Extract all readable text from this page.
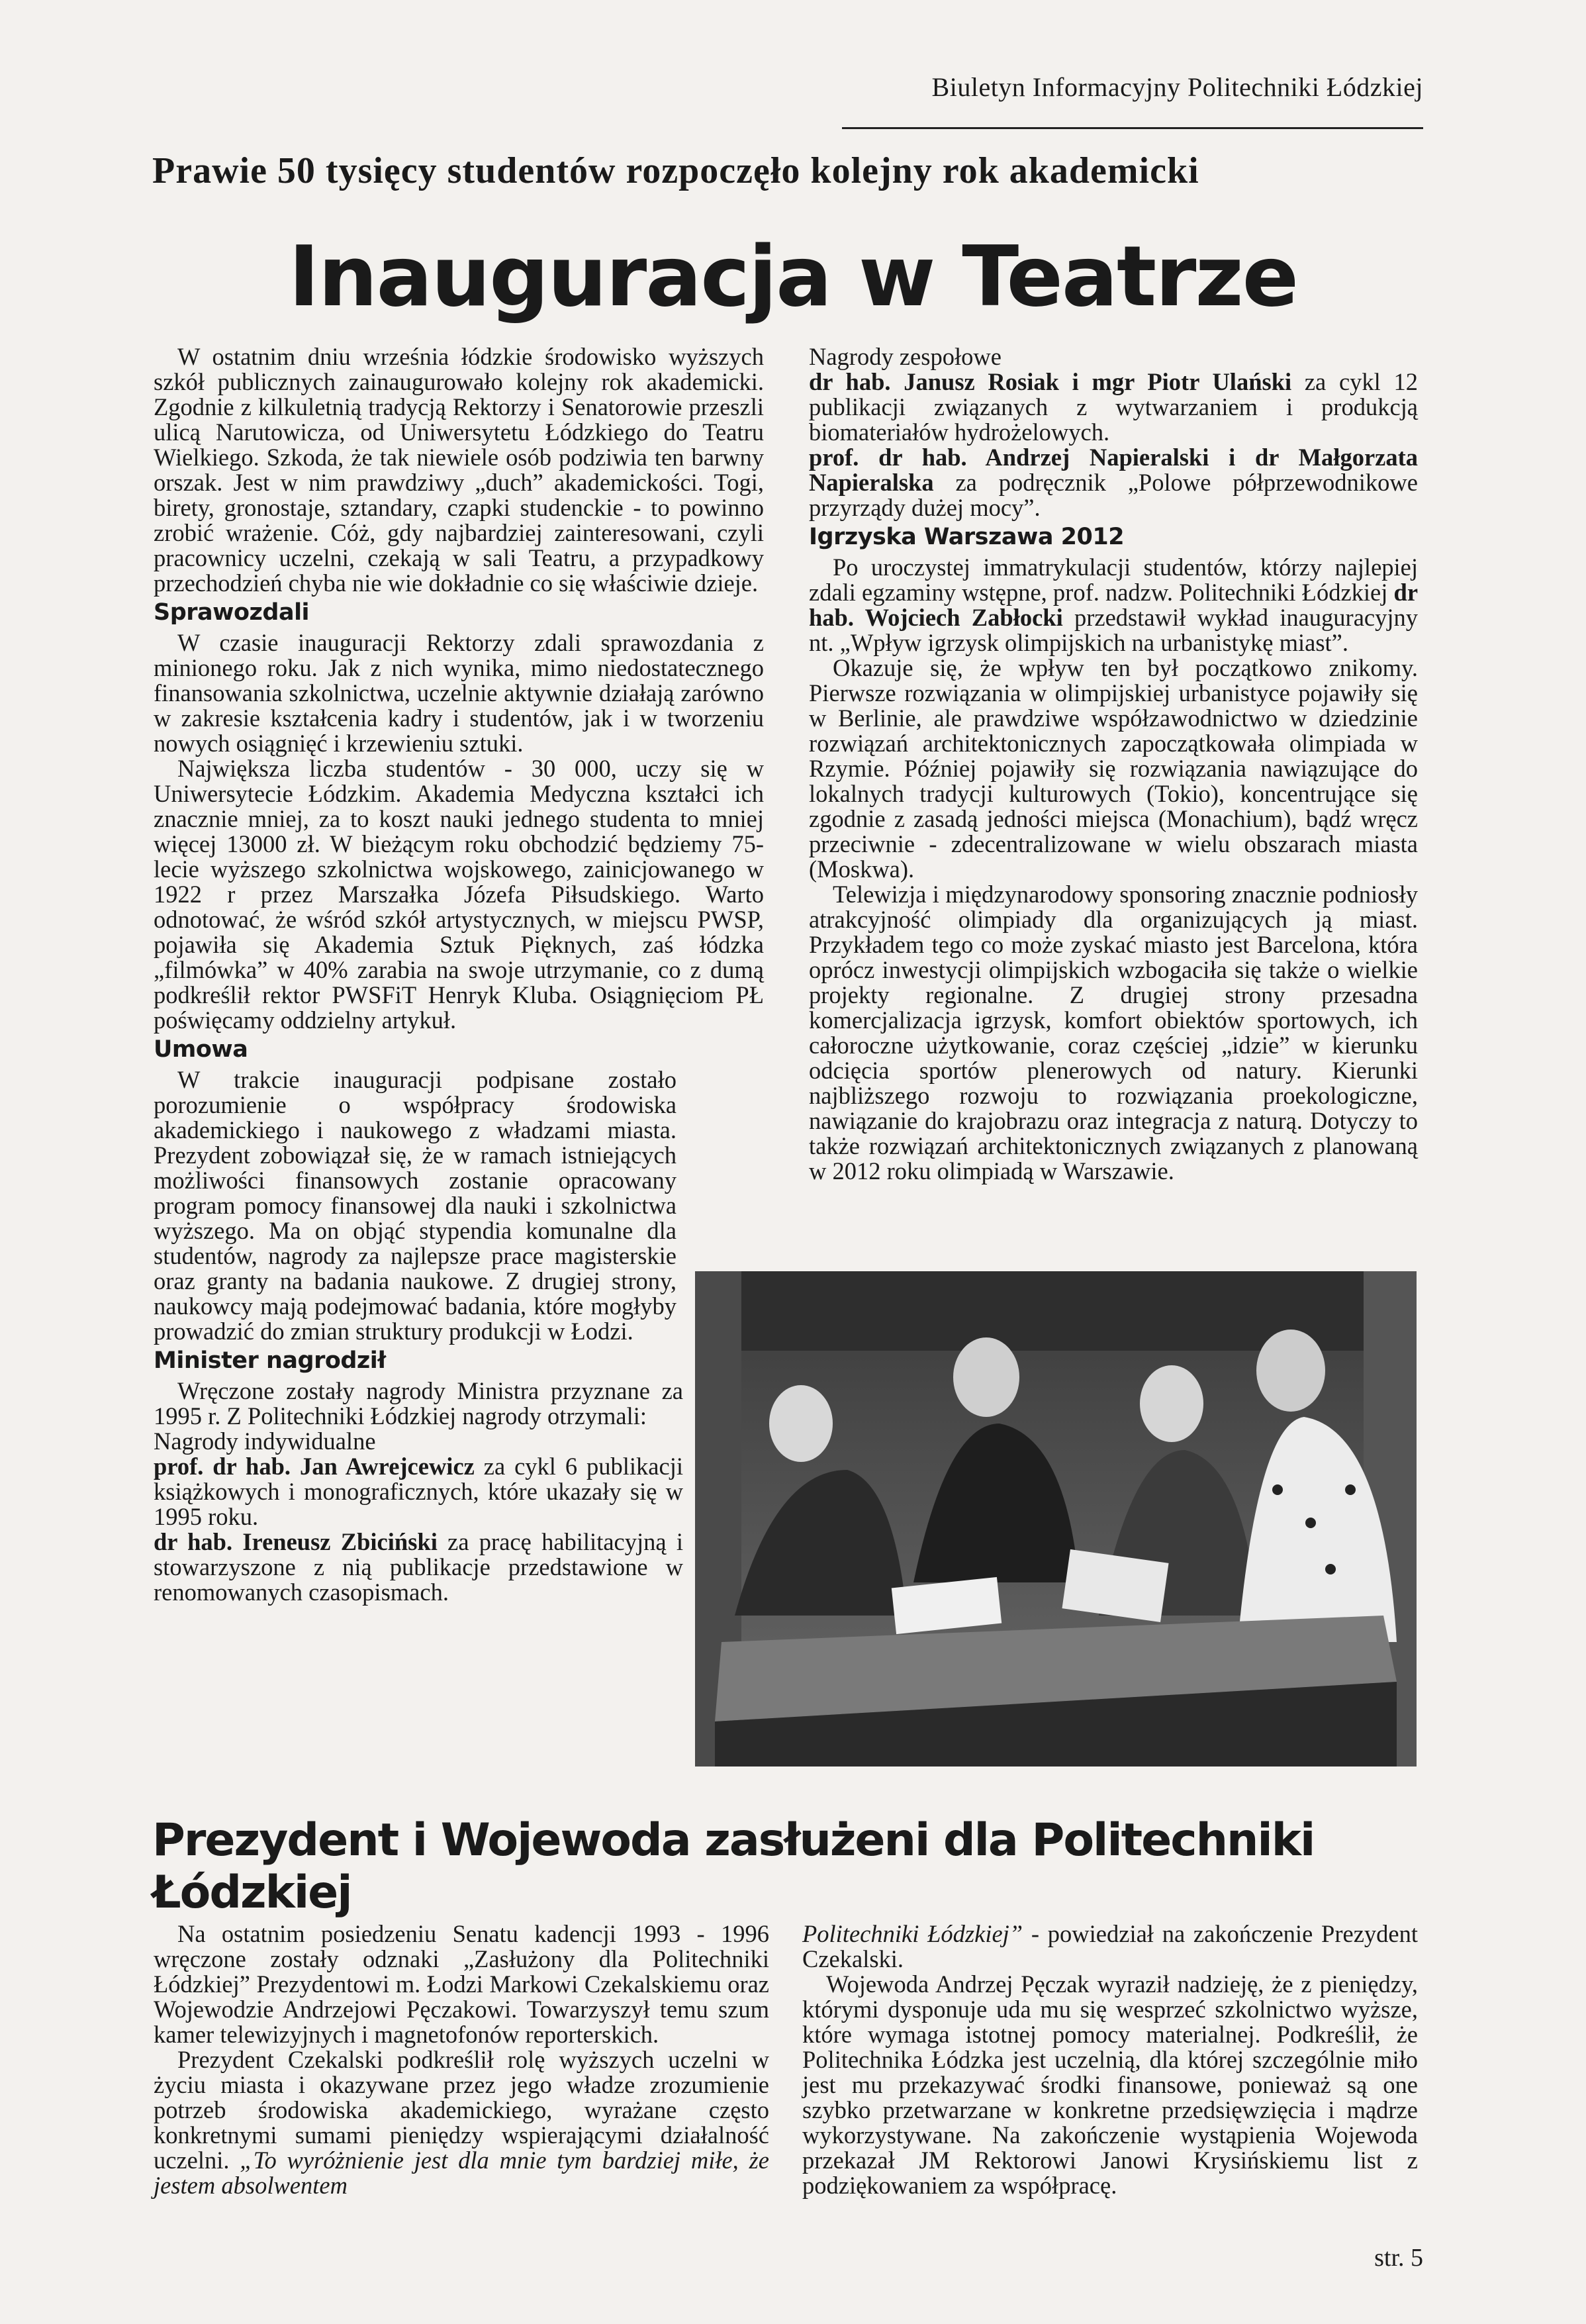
Biuletyn Informacyjny Politechniki Łódzkiej
Prawie 50 tysięcy studentów rozpoczęło kolejny rok akademicki
Inauguracja w Teatrze

W ostatnim dniu września łódzkie środowisko wyższych szkół publicznych zainaugurowało kolejny rok akademicki. Zgodnie z kilkuletnią tradycją Rektorzy i Senatorowie przeszli ulicą Narutowicza, od Uniwersytetu Łódzkiego do Teatru Wielkiego. Szkoda, że tak niewiele osób podziwia ten barwny orszak. Jest w nim prawdziwy „duch” akademickości. Togi, birety, gronostaje, sztandary, czapki studenckie - to powinno zrobić wrażenie. Cóż, gdy najbardziej zainteresowani, czyli pracownicy uczelni, czekają w sali Teatru, a przypadkowy przechodzień chyba nie wie dokładnie co się właściwie dzieje.

Sprawozdali

W czasie inauguracji Rektorzy zdali sprawozdania z minionego roku. Jak z nich wynika, mimo niedostatecznego finansowania szkolnictwa, uczelnie aktywnie działają zarówno w zakresie kształcenia kadry i studentów, jak i w tworzeniu nowych osiągnięć i krzewieniu sztuki.

Największa liczba studentów - 30 000, uczy się w Uniwersytecie Łódzkim. Akademia Medyczna kształci ich znacznie mniej, za to koszt nauki jednego studenta to mniej więcej 13000 zł. W bieżącym roku obchodzić będziemy 75-lecie wyższego szkolnictwa wojskowego, zainicjowanego w 1922 r przez Marszałka Józefa Piłsudskiego. Warto odnotować, że wśród szkół artystycznych, w miejscu PWSP, pojawiła się Akademia Sztuk Pięknych, zaś łódzka „filmówka” w 40% zarabia na swoje utrzymanie, co z dumą podkreślił rektor PWSFiT Henryk Kluba. Osiągnięciom PŁ poświęcamy oddzielny artykuł.

Umowa

W trakcie inauguracji podpisane zostało porozumienie o współpracy środowiska akademickiego i naukowego z władzami miasta. Prezydent zobowiązał się, że w ramach istniejących możliwości finansowych zostanie opracowany program pomocy finansowej dla nauki i szkolnictwa wyższego. Ma on objąć stypendia komunalne dla studentów, nagrody za najlepsze prace magisterskie oraz granty na badania naukowe. Z drugiej strony, naukowcy mają podejmować badania, które mogłyby prowadzić do zmian struktury produkcji w Łodzi.

Minister nagrodził

Wręczone zostały nagrody Ministra przyznane za 1995 r. Z Politechniki Łódzkiej nagrody otrzymali:

Nagrody indywidualne

prof. dr hab. Jan Awrejcewicz za cykl 6 publikacji książkowych i monograficznych, które ukazały się w 1995 roku.

dr hab. Ireneusz Zbiciński za pracę habilitacyjną i stowarzyszone z nią publikacje przedstawione w renomowanych czasopismach.

Nagrody zespołowe

dr hab. Janusz Rosiak i mgr Piotr Ulański za cykl 12 publikacji związanych z wytwarzaniem i produkcją biomateriałów hydrożelowych.

prof. dr hab. Andrzej Napieralski i dr Małgorzata Napieralska za podręcznik „Polowe półprzewodnikowe przyrządy dużej mocy”.

Igrzyska Warszawa 2012

Po uroczystej immatrykulacji studentów, którzy najlepiej zdali egzaminy wstępne, prof. nadzw. Politechniki Łódzkiej dr hab. Wojciech Zabłocki przedstawił wykład inauguracyjny nt. „Wpływ igrzysk olimpijskich na urbanistykę miast”.

Okazuje się, że wpływ ten był początkowo znikomy. Pierwsze rozwiązania w olimpijskiej urbanistyce pojawiły się w Berlinie, ale prawdziwe współzawodnictwo w dziedzinie rozwiązań architektonicznych zapoczątkowała olimpiada w Rzymie. Później pojawiły się rozwiązania nawiązujące do lokalnych tradycji kulturowych (Tokio), koncentrujące się zgodnie z zasadą jedności miejsca (Monachium), bądź wręcz przeciwnie - zdecentralizowane w wielu obszarach miasta (Moskwa).

Telewizja i międzynarodowy sponsoring znacznie podniosły atrakcyjność olimpiady dla organizujących ją miast. Przykładem tego co może zyskać miasto jest Barcelona, która oprócz inwestycji olimpijskich wzbogaciła się także o wielkie projekty regionalne. Z drugiej strony przesadna komercjalizacja igrzysk, komfort obiektów sportowych, ich całoroczne użytkowanie, coraz częściej „idzie” w kierunku odcięcia sportów plenerowych od natury. Kierunki najbliższego rozwoju to rozwiązania proekologiczne, nawiązanie do krajobrazu oraz integracja z naturą. Dotyczy to także rozwiązań architektonicznych związanych z planowaną w 2012 roku olimpiadą w Warszawie.

Prezydent i Wojewoda zasłużeni dla Politechniki Łódzkiej

Na ostatnim posiedzeniu Senatu kadencji 1993 - 1996 wręczone zostały odznaki „Zasłużony dla Politechniki Łódzkiej” Prezydentowi m. Łodzi Markowi Czekalskiemu oraz Wojewodzie Andrzejowi Pęczakowi. Towarzyszył temu szum kamer telewizyjnych i magnetofonów reporterskich.

Prezydent Czekalski podkreślił rolę wyższych uczelni w życiu miasta i okazywane przez jego władze zrozumienie potrzeb środowiska akademickiego, wyrażane często konkretnymi sumami pieniędzy wspierającymi działalność uczelni. „To wyróżnienie jest dla mnie tym bardziej miłe, że jestem absolwentem

Politechniki Łódzkiej” - powiedział na zakończenie Prezydent Czekalski.

Wojewoda Andrzej Pęczak wyraził nadzieję, że z pieniędzy, którymi dysponuje uda mu się wesprzeć szkolnictwo wyższe, które wymaga istotnej pomocy materialnej. Podkreślił, że Politechnika Łódzka jest uczelnią, dla której szczególnie miło jest mu przekazywać środki finansowe, ponieważ są one szybko przetwarzane w konkretne przedsięwzięcia i mądrze wykorzystywane. Na zakończenie wystąpienia Wojewoda przekazał JM Rektorowi Janowi Krysińskiemu list z podziękowaniem za współpracę.

str. 5
